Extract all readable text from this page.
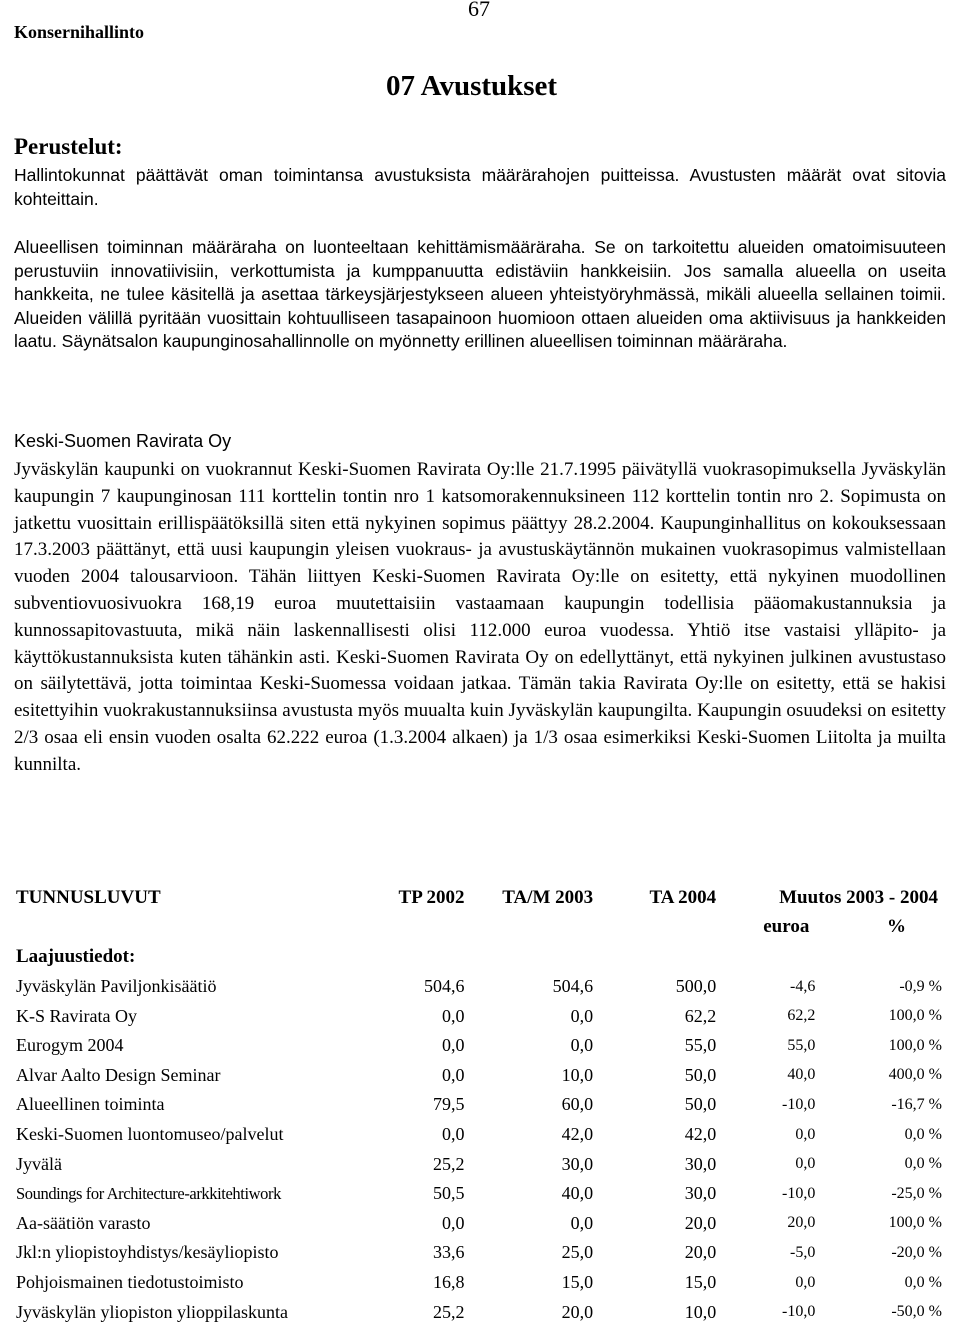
Konsernihallinto
67
07 Avustukset
Perustelut:
Hallintokunnat päättävät oman toimintansa avustuksista määrärahojen puitteissa. Avustusten määrät ovat sitovia kohteittain.
Alueellisen toiminnan määräraha on luonteeltaan kehittämismääräraha. Se on tarkoitettu alueiden omatoimisuuteen perustuviin innovatiivisiin, verkottumista ja kumppanuutta edistäviin hankkeisiin. Jos samalla alueella on useita hankkeita, ne tulee käsitellä ja asettaa tärkeysjärjestykseen alueen yhteistyöryhmässä, mikäli alueella sellainen toimii. Alueiden välillä pyritään vuosittain kohtuulliseen tasapainoon huomioon ottaen alueiden oma aktiivisuus ja hankkeiden laatu. Säynätsalon kaupunginosahallinnolle on myönnetty erillinen alueellisen toiminnan määräraha.
Keski-Suomen Ravirata Oy
Jyväskylän kaupunki on vuokrannut Keski-Suomen Ravirata Oy:lle 21.7.1995 päivätyllä vuokrasopimuksella Jyväskylän kaupungin 7 kaupunginosan 111 korttelin tontin nro 1 katsomorakennuksineen 112 korttelin tontin nro 2. Sopimusta on jatkettu vuosittain erillispäätöksillä siten että nykyinen sopimus päättyy 28.2.2004. Kaupunginhallitus on kokouksessaan 17.3.2003 päättänyt, että uusi kaupungin yleisen vuokraus- ja avustuskäytännön mukainen vuokrasopimus valmistellaan vuoden 2004 talousarvioon. Tähän liittyen Keski-Suomen Ravirata Oy:lle on esitetty, että nykyinen muodollinen subventiovuosivuokra 168,19 euroa muutettaisiin vastaamaan kaupungin todellisia pääomakustannuksia ja kunnossapitovastuuta, mikä näin laskennallisesti olisi 112.000 euroa vuodessa. Yhtiö itse vastaisi ylläpito- ja käyttökustannuksista kuten tähänkin asti. Keski-Suomen Ravirata Oy on edellyttänyt, että nykyinen julkinen avustustaso on säilytettävä, jotta toimintaa Keski-Suomessa voidaan jatkaa. Tämän takia Ravirata Oy:lle on esitetty, että se hakisi esitettyihin vuokrakustannuksiinsa avustusta myös muualta kuin Jyväskylän kaupungilta. Kaupungin osuudeksi on esitetty 2/3 osaa eli ensin vuoden osalta 62.222 euroa (1.3.2004 alkaen) ja 1/3 osaa esimerkiksi Keski-Suomen Liitolta ja muilta kunnilta.
TUNNUSLUVUT	TP 2002	TA/M 2003	TA 2004	Muutos 2003 - 2004	
				euroa	%
Laajuustiedot:					
Jyväskylän Paviljonkisäätiö	504,6	504,6	500,0	-4,6	-0,9 %
K-S Ravirata Oy	0,0	0,0	62,2	62,2	100,0 %
Eurogym 2004	0,0	0,0	55,0	55,0	100,0 %
Alvar Aalto Design Seminar	0,0	10,0	50,0	40,0	400,0 %
Alueellinen toiminta	79,5	60,0	50,0	-10,0	-16,7 %
Keski-Suomen luontomuseo/palvelut	0,0	42,0	42,0	0,0	0,0 %
Jyvälä	25,2	30,0	30,0	0,0	0,0 %
Soundings for Architecture-arkkitehtiwork	50,5	40,0	30,0	-10,0	-25,0 %
Aa-säätiön varasto	0,0	0,0	20,0	20,0	100,0 %
Jkl:n yliopistoyhdistys/kesäyliopisto	33,6	25,0	20,0	-5,0	-20,0 %
Pohjoismainen tiedotustoimisto	16,8	15,0	15,0	0,0	0,0 %
Jyväskylän yliopiston ylioppilaskunta	25,2	20,0	10,0	-10,0	-50,0 %
